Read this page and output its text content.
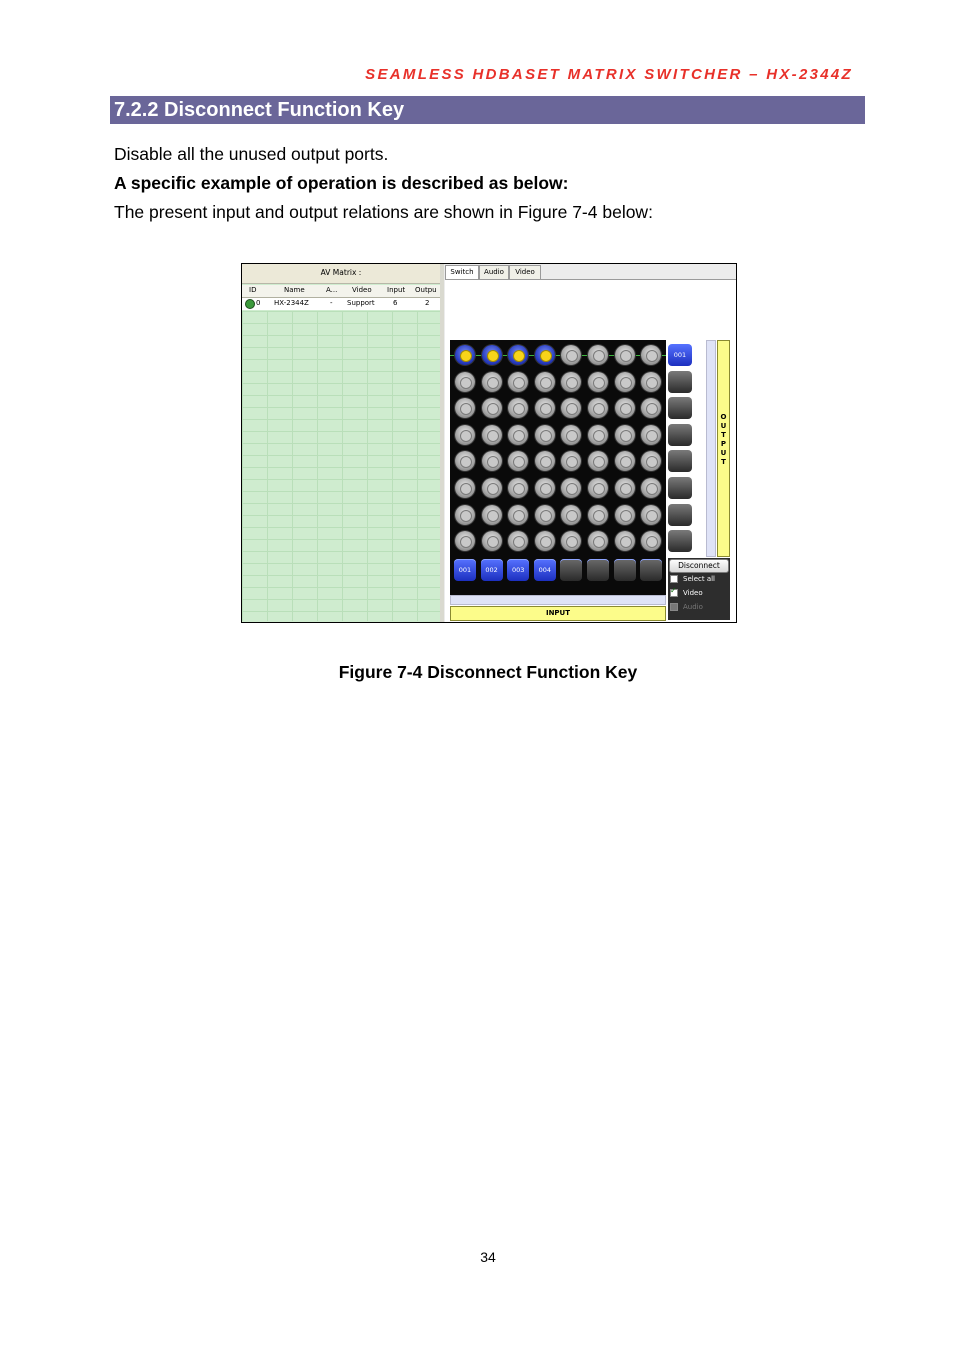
SEAMLESS HDBASET MATRIX SWITCHER – HX-2344Z
7.2.2 Disconnect Function Key
Disable all the unused output ports.
A specific example of operation is described as below:
The present input and output relations are shown in Figure 7-4 below:
AV Matrix :
ID	Name	A... Video Input Outpu
0 HX-2344Z	- Support	6	2
Switch	Audio	Video
O
U
T
P
U
T
INPUT
Disconnect
Select all
✓Video
Audio
001	002	003	004
001
Figure 7-4 Disconnect Function Key
34
